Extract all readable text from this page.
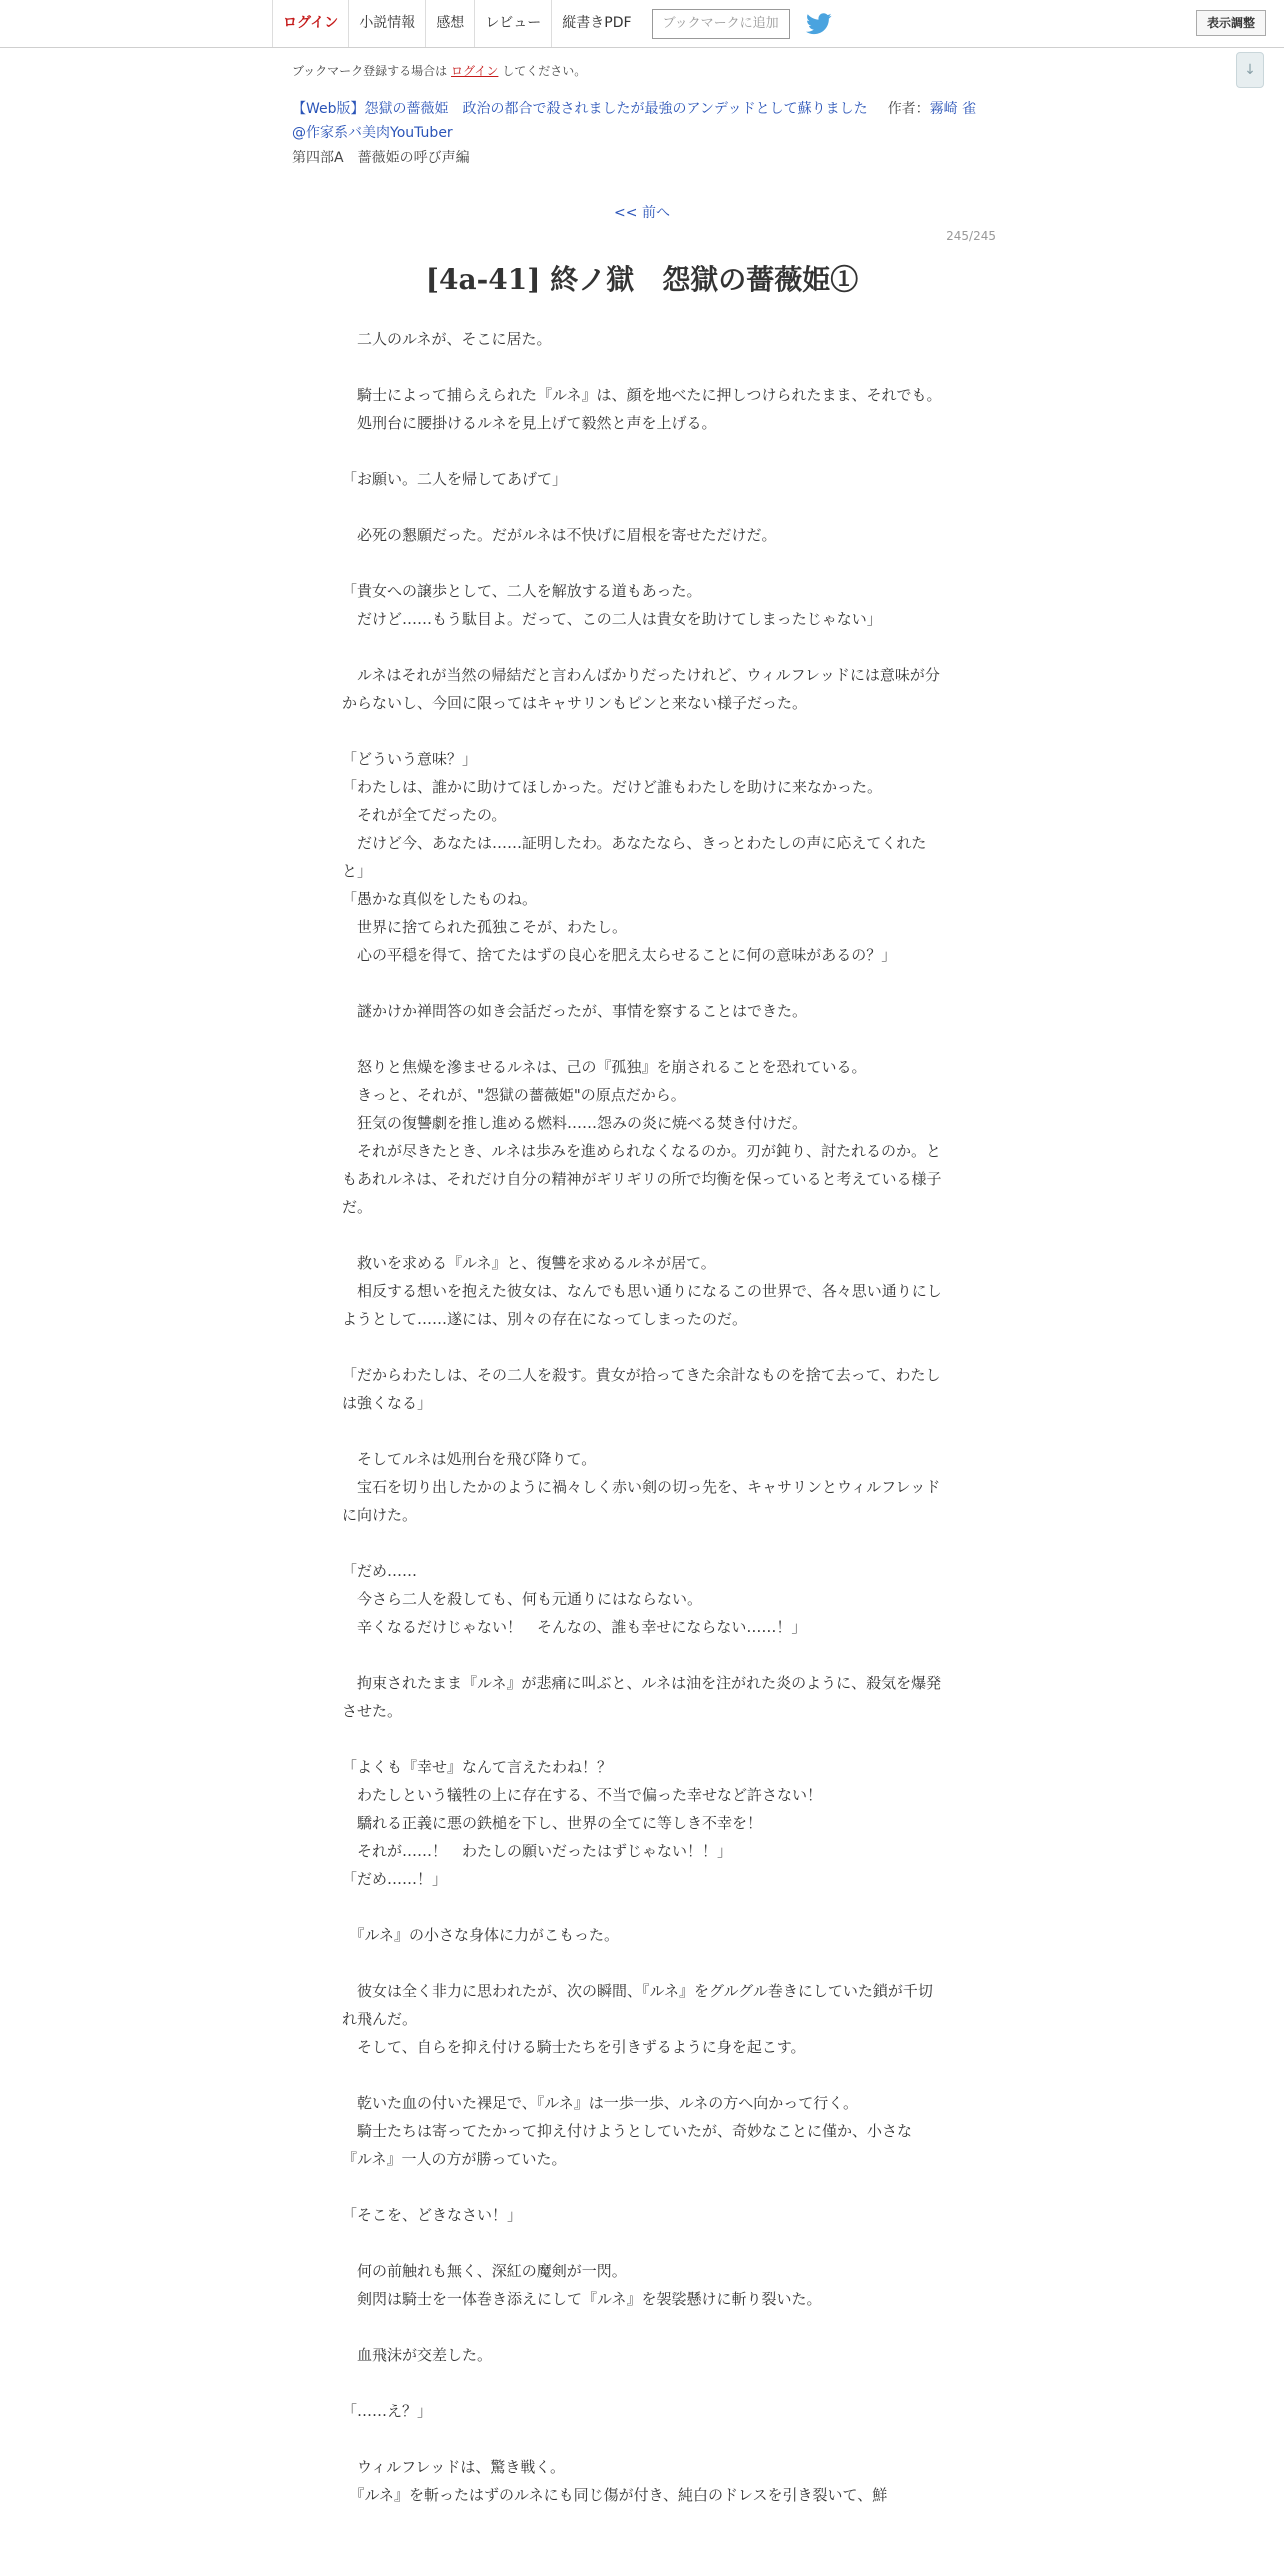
ログイン	小説情報	感想	レビュー	縦書きPDF	ブックマークに追加	表示調整
↓

ブックマーク登録する場合は ログイン してください。

【Web版】怨獄の薔薇姫　政治の都合で殺されましたが最強のアンデッドとして蘇りました 作者：霧崎 雀
@作家系バ美肉YouTuber
第四部A　薔薇姫の呼び声編
<< 前へ
245/245
[4a-41] 終ノ獄　怨獄の薔薇姫①

　二人のルネが、そこに居た。

　騎士によって捕らえられた『ルネ』は、顔を地べたに押しつけられたまま、それでも。

　処刑台に腰掛けるルネを見上げて毅然と声を上げる。

「お願い。二人を帰してあげて」

　必死の懇願だった。だがルネは不快げに眉根を寄せただけだ。

「貴女への譲歩として、二人を解放する道もあった。

　だけど……もう駄目よ。だって、この二人は貴女を助けてしまったじゃない」

　ルネはそれが当然の帰結だと言わんばかりだったけれど、ウィルフレッドには意味が分からないし、今回に限ってはキャサリンもピンと来ない様子だった。

「どういう意味？」

「わたしは、誰かに助けてほしかった。だけど誰もわたしを助けに来なかった。

　それが全てだったの。

　だけど今、あなたは……証明したわ。あなたなら、きっとわたしの声に応えてくれたと」

「愚かな真似をしたものね。

　世界に捨てられた孤独こそが、わたし。

　心の平穏を得て、捨てたはずの良心を肥え太らせることに何の意味があるの？」

　謎かけか禅問答の如き会話だったが、事情を察することはできた。

　怒りと焦燥を滲ませるルネは、己の『孤独』を崩されることを恐れている。

　きっと、それが、"怨獄の薔薇姫"の原点だから。

　狂気の復讐劇を推し進める燃料……怨みの炎に焼べる焚き付けだ。

　それが尽きたとき、ルネは歩みを進められなくなるのか。刃が鈍り、討たれるのか。ともあれルネは、それだけ自分の精神がギリギリの所で均衡を保っていると考えている様子だ。

　救いを求める『ルネ』と、復讐を求めるルネが居て。

　相反する想いを抱えた彼女は、なんでも思い通りになるこの世界で、各々思い通りにしようとして……遂には、別々の存在になってしまったのだ。

「だからわたしは、その二人を殺す。貴女が拾ってきた余計なものを捨て去って、わたしは強くなる」

　そしてルネは処刑台を飛び降りて。

　宝石を切り出したかのように禍々しく赤い剣の切っ先を、キャサリンとウィルフレッドに向けた。

「だめ……

　今さら二人を殺しても、何も元通りにはならない。

　辛くなるだけじゃない！　そんなの、誰も幸せにならない……！」

　拘束されたまま『ルネ』が悲痛に叫ぶと、ルネは油を注がれた炎のように、殺気を爆発させた。

「よくも『幸せ』なんて言えたわね！？

　わたしという犠牲の上に存在する、不当で偏った幸せなど許さない！

　驕れる正義に悪の鉄槌を下し、世界の全てに等しき不幸を！

　それが……！　わたしの願いだったはずじゃない！！」

「だめ……！」

　『ルネ』の小さな身体に力がこもった。

　彼女は全く非力に思われたが、次の瞬間、『ルネ』をグルグル巻きにしていた鎖が千切れ飛んだ。

　そして、自らを抑え付ける騎士たちを引きずるように身を起こす。

　乾いた血の付いた裸足で、『ルネ』は一歩一歩、ルネの方へ向かって行く。

　騎士たちは寄ってたかって抑え付けようとしていたが、奇妙なことに僅か、小さな『ルネ』一人の方が勝っていた。

「そこを、どきなさい！」

　何の前触れも無く、深紅の魔剣が一閃。

　剣閃は騎士を一体巻き添えにして『ルネ』を袈裟懸けに斬り裂いた。

　血飛沫が交差した。

「……え？」

　ウィルフレッドは、驚き戦く。

　『ルネ』を斬ったはずのルネにも同じ傷が付き、純白のドレスを引き裂いて、鮮
